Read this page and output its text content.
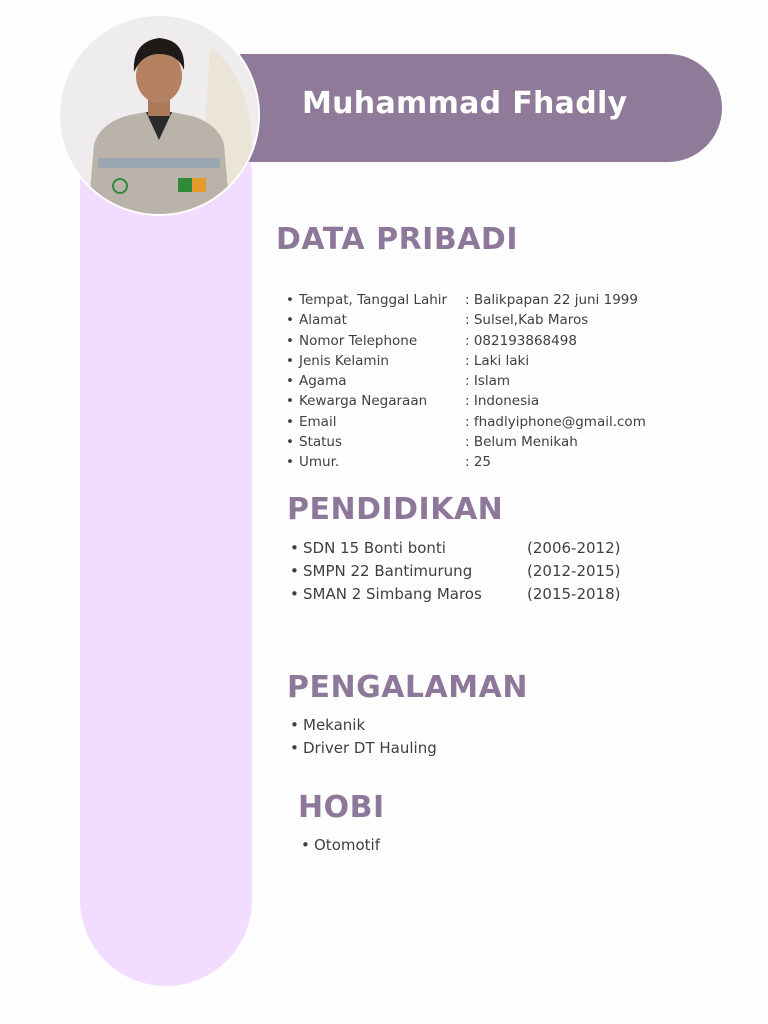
Muhammad Fhadly
DATA PRIBADI
• Tempat, Tanggal Lahir	: Balikpapan 22 juni 1999
• Alamat	: Sulsel,Kab Maros
• Nomor Telephone	: 082193868498
• Jenis Kelamin	: Laki laki
• Agama	: Islam
• Kewarga Negaraan	: Indonesia
• Email	: fhadlyiphone@gmail.com
• Status	: Belum Menikah
• Umur.	: 25
PENDIDIKAN
• SDN 15 Bonti bonti	(2006-2012)
• SMPN 22 Bantimurung	(2012-2015)
• SMAN 2 Simbang Maros	(2015-2018)
PENGALAMAN
• Mekanik
• Driver DT Hauling
HOBI
• Otomotif
